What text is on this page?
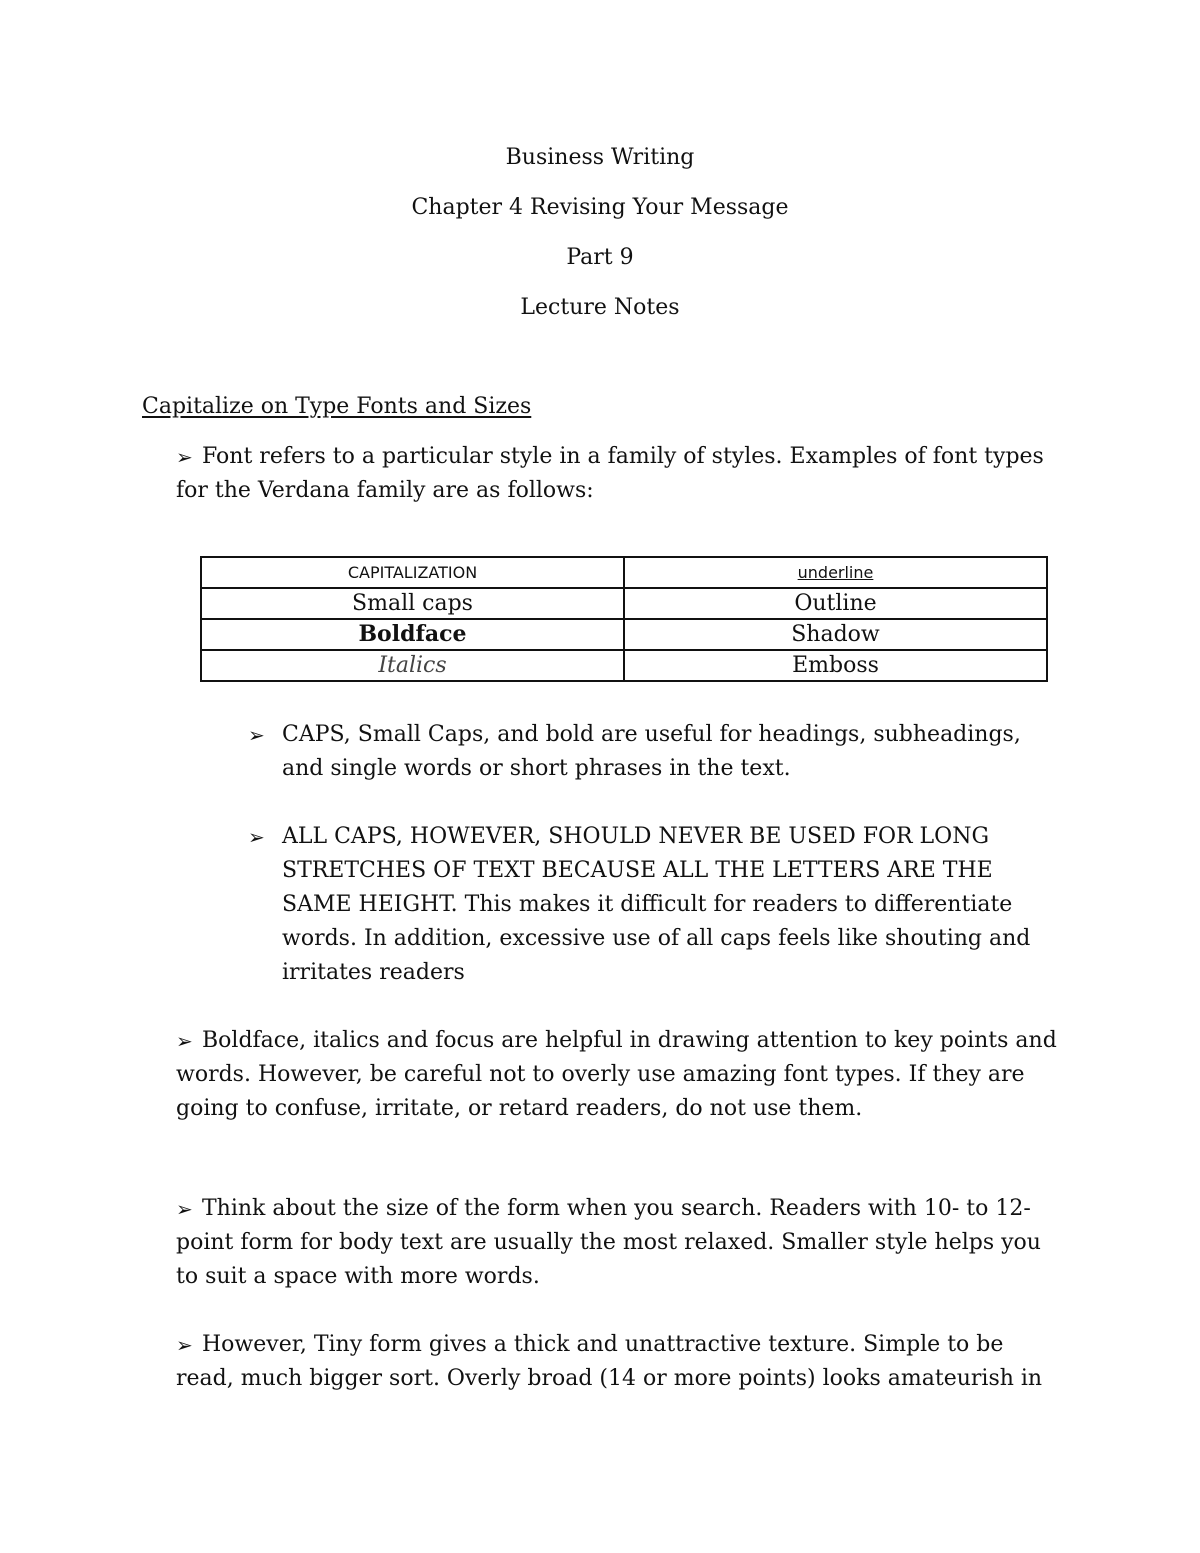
Business Writing
Chapter 4 Revising Your Message
Part 9
Lecture Notes
Capitalize on Type Fonts and Sizes
➢ Font refers to a particular style in a family of styles. Examples of font types for the Verdana family are as follows:
CAPITALIZATION	underline
Small caps	Outline
Boldface	Shadow
Italics	Emboss
➢ CAPS, Small Caps, and bold are useful for headings, subheadings, and single words or short phrases in the text.
➢ ALL CAPS, HOWEVER, SHOULD NEVER BE USED FOR LONG STRETCHES OF TEXT BECAUSE ALL THE LETTERS ARE THE SAME HEIGHT. This makes it difficult for readers to differentiate words. In addition, excessive use of all caps feels like shouting and irritates readers
➢ Boldface, italics and focus are helpful in drawing attention to key points and words. However, be careful not to overly use amazing font types. If they are going to confuse, irritate, or retard readers, do not use them.
➢ Think about the size of the form when you search. Readers with 10- to 12-point form for body text are usually the most relaxed. Smaller style helps you to suit a space with more words.
➢ However, Tiny form gives a thick and unattractive texture. Simple to be read, much bigger sort. Overly broad (14 or more points) looks amateurish in
